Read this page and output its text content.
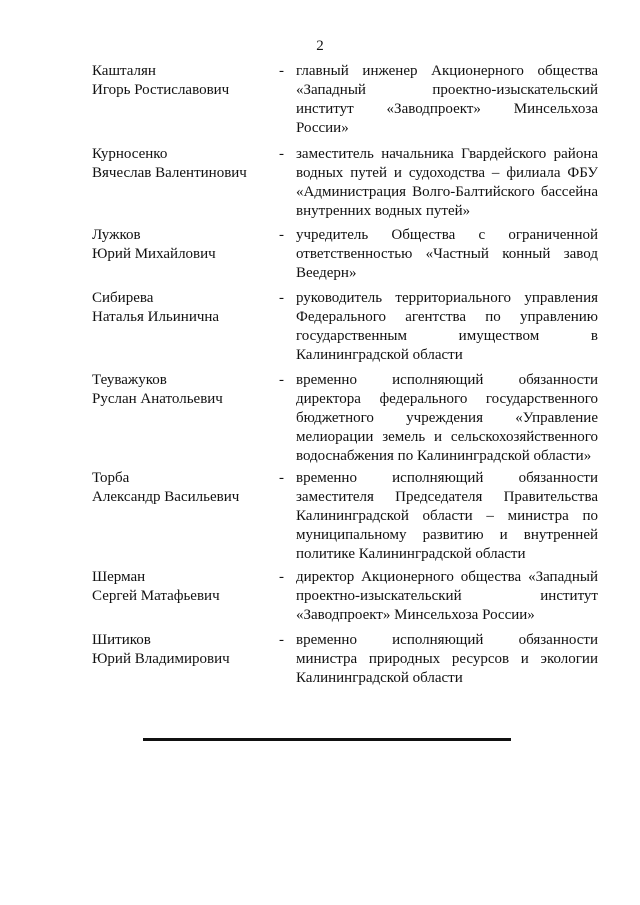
2
Кашталян
Игорь Ростиславович
- главный инженер Акционерного общества
«Западный проектно-изыскательский
институт «Заводпроект» Минсельхоза
России»
Курносенко
Вячеслав Валентинович
- заместитель начальника Гвардейского района
водных путей и судоходства – филиала ФБУ
«Администрация Волго-Балтийского бассейна
внутренних водных путей»
Лужков
Юрий Михайлович
- учредитель Общества с ограниченной
ответственностью «Частный конный завод
Веедерн»
Сибирева
Наталья Ильинична
- руководитель территориального управления
Федерального агентства по управлению
государственным имуществом в
Калининградской области
Теуважуков
Руслан Анатольевич
- временно исполняющий обязанности
директора федерального государственного
бюджетного учреждения «Управление
мелиорации земель и сельскохозяйственного
водоснабжения по Калининградской области»
Торба
Александр Васильевич
- временно исполняющий обязанности
заместителя Председателя Правительства
Калининградской области – министра по
муниципальному развитию и внутренней
политике Калининградской области
Шерман
Сергей Матафьевич
- директор Акционерного общества «Западный
проектно-изыскательский институт
«Заводпроект» Минсельхоза России»
Шитиков
Юрий Владимирович
- временно исполняющий обязанности
министра природных ресурсов и экологии
Калининградской области
